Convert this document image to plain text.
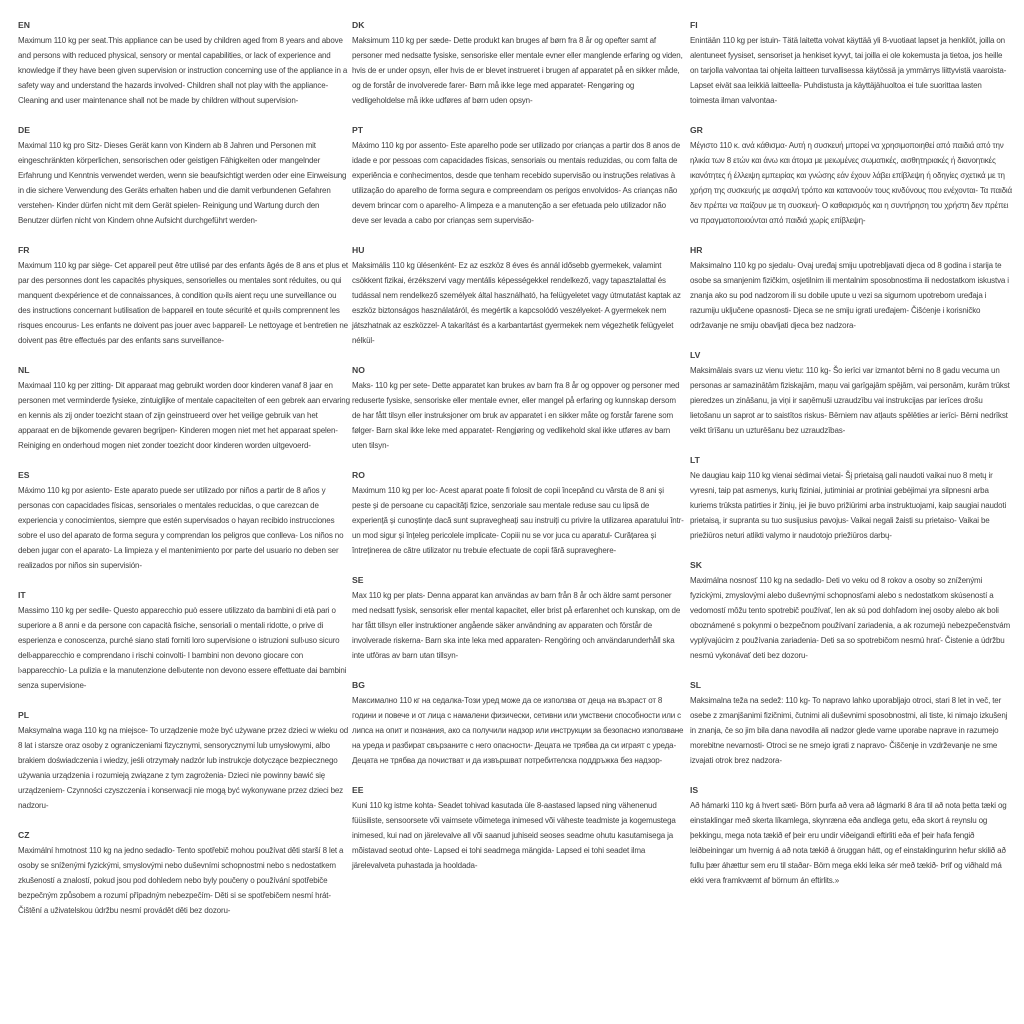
EN

Maximum 110 kg per seat.This appliance can be used by children aged from 8 years and above and persons with reduced physical, sensory or mental capabilities, or lack of experience and knowledge if they have been given supervision or instruction concerning use of the appliance in a safety way and understand the hazards involved- Children shall not play with the appliance- Cleaning and user maintenance shall not be made by children without supervision-

DE

Maximal 110 kg pro Sitz- Dieses Gerät kann von Kindern ab 8 Jahren und Personen mit eingeschränkten körperlichen, sensorischen oder geistigen Fähigkeiten oder mangelnder Erfahrung und Kenntnis verwendet werden, wenn sie beaufsichtigt werden oder eine Einweisung in die sichere Verwendung des Geräts erhalten haben und die damit verbundenen Gefahren verstehen- Kinder dürfen nicht mit dem Gerät spielen- Reinigung und Wartung durch den Benutzer dürfen nicht von Kindern ohne Aufsicht durchgeführt werden-

FR

Maximum 110 kg par siège- Cet appareil peut être utilisé par des enfants âgés de 8 ans et plus et par des personnes dont les capacités physiques, sensorielles ou mentales sont réduites, ou qui manquent d›expérience et de connaissances, à condition qu›ils aient reçu une surveillance ou des instructions concernant l›utilisation de l›appareil en toute sécurité et qu›ils comprennent les risques encourus- Les enfants ne doivent pas jouer avec l›appareil- Le nettoyage et l›entretien ne doivent pas être effectués par des enfants sans surveillance-

NL

Maximaal 110 kg per zitting- Dit apparaat mag gebruikt worden door kinderen vanaf 8 jaar en personen met verminderde fysieke, zintuiglijke of mentale capaciteiten of een gebrek aan ervaring en kennis als zij onder toezicht staan of zijn geinstrueerd over het veilige gebruik van het apparaat en de bijkomende gevaren begrijpen- Kinderen mogen niet met het apparaat spelen- Reiniging en onderhoud mogen niet zonder toezicht door kinderen worden uitgevoerd-

ES

Máximo 110 kg por asiento- Este aparato puede ser utilizado por niños a partir de 8 años y personas con capacidades físicas, sensoriales o mentales reducidas, o que carezcan de experiencia y conocimientos, siempre que estén supervisados o hayan recibido instrucciones sobre el uso del aparato de forma segura y comprendan los peligros que conlleva- Los niños no deben jugar con el aparato- La limpieza y el mantenimiento por parte del usuario no deben ser realizados por niños sin supervisión-

IT

Massimo 110 kg per sedile- Questo apparecchio può essere utilizzato da bambini di età pari o superiore a 8 anni e da persone con capacità fisiche, sensoriali o mentali ridotte, o prive di esperienza e conoscenza, purché siano stati forniti loro supervisione o istruzioni sull›uso sicuro dell›apparecchio e comprendano i rischi coinvolti- I bambini non devono giocare con l›apparecchio- La pulizia e la manutenzione dell›utente non devono essere effettuate dai bambini senza supervisione-

PL

Maksymalna waga 110 kg na miejsce- To urządzenie może być używane przez dzieci w wieku od 8 lat i starsze oraz osoby z ograniczeniami fizycznymi, sensorycznymi lub umysłowymi, albo brakiem doświadczenia i wiedzy, jeśli otrzymały nadzór lub instrukcje dotyczące bezpiecznego używania urządzenia i rozumieją związane z tym zagrożenia- Dzieci nie powinny bawić się urządzeniem- Czynności czyszczenia i konserwacji nie mogą być wykonywane przez dzieci bez nadzoru-

CZ

Maximální hmotnost 110 kg na jedno sedadlo- Tento spotřebič mohou používat děti starší 8 let a osoby se sníženými fyzickými, smyslovými nebo duševními schopnostmi nebo s nedostatkem zkušeností a znalostí, pokud jsou pod dohledem nebo byly poučeny o používání spotřebiče bezpečným způsobem a rozumí případným nebezpečím- Děti si se spotřebičem nesmí hrát- Čištění a uživatelskou údržbu nesmí provádět děti bez dozoru-

DK

Maksimum 110 kg per sæde- Dette produkt kan bruges af børn fra 8 år og opefter samt af personer med nedsatte fysiske, sensoriske eller mentale evner eller manglende erfaring og viden, hvis de er under opsyn, eller hvis de er blevet instrueret i brugen af apparatet på en sikker måde, og de forstår de involverede farer- Børn må ikke lege med apparatet- Rengøring og vedligeholdelse må ikke udføres af børn uden opsyn-

PT

Máximo 110 kg por assento- Este aparelho pode ser utilizado por crianças a partir dos 8 anos de idade e por pessoas com capacidades físicas, sensoriais ou mentais reduzidas, ou com falta de experiência e conhecimentos, desde que tenham recebido supervisão ou instruções relativas à utilização do aparelho de forma segura e compreendam os perigos envolvidos- As crianças não devem brincar com o aparelho- A limpeza e a manutenção a ser efetuada pelo utilizador não deve ser levada a cabo por crianças sem supervisão-

HU

Maksimális 110 kg ülésenként- Ez az eszköz 8 éves és annál idősebb gyermekek, valamint csökkent fizikai, érzékszervi vagy mentális képességekkel rendelkező, vagy tapasztalattal és tudással nem rendelkező személyek által használható, ha felügyeletet vagy útmutatást kaptak az eszköz biztonságos használatáról, és megértik a kapcsolódó veszélyeket- A gyermekek nem játszhatnak az eszközzel- A takarítást és a karbantartást gyermekek nem végezhetik felügyelet nélkül-

NO

Maks- 110 kg per sete- Dette apparatet kan brukes av barn fra 8 år og oppover og personer med reduserte fysiske, sensoriske eller mentale evner, eller mangel på erfaring og kunnskap dersom de har fått tilsyn eller instruksjoner om bruk av apparatet i en sikker måte og forstår farene som følger- Barn skal ikke leke med apparatet- Rengjøring og vedlikehold skal ikke utføres av barn uten tilsyn-

RO

Maximum 110 kg per loc- Acest aparat poate fi folosit de copii începând cu vârsta de 8 ani și peste și de persoane cu capacități fizice, senzoriale sau mentale reduse sau cu lipsă de experiență și cunoștințe dacă sunt supravegheați sau instruiți cu privire la utilizarea aparatului într-un mod sigur și înțeleg pericolele implicate- Copiii nu se vor juca cu aparatul- Curățarea și întreținerea de către utilizator nu trebuie efectuate de copii fără supraveghere-

SE

Max 110 kg per plats- Denna apparat kan användas av barn från 8 år och äldre samt personer med nedsatt fysisk, sensorisk eller mental kapacitet, eller brist på erfarenhet och kunskap, om de har fått tillsyn eller instruktioner angående säker användning av apparaten och förstår de involverade riskerna- Barn ska inte leka med apparaten- Rengöring och användarunderhåll ska inte utföras av barn utan tillsyn-

BG

Максимално 110 кг на седалка-Този уред може да се използва от деца на възраст от 8 години и повече и от лица с намалени физически, сетивни или умствени способности или с липса на опит и познания, ако са получили надзор или инструкции за безопасно използване на уреда и разбират свързаните с него опасности- Децата не трябва да си играят с уреда- Децата не трябва да почистват и да извършват потребителска поддръжка без надзор-

EE

Kuni 110 kg istme kohta- Seadet tohivad kasutada üle 8-aastased lapsed ning vähenenud füüsiliste, sensoorsete või vaimsete võimetega inimesed või väheste teadmiste ja kogemustega inimesed, kui nad on järelevalve all või saanud juhiseid seoses seadme ohutu kasutamisega ja mõistavad seotud ohte- Lapsed ei tohi seadmega mängida- Lapsed ei tohi seadet ilma järelevalveta puhastada ja hooldada-

FI

Enintään 110 kg per istuin- Tätä laitetta voivat käyttää yli 8-vuotiaat lapset ja henkilöt, joilla on alentuneet fyysiset, sensoriset ja henkiset kyvyt, tai joilla ei ole kokemusta ja tietoa, jos heille on tarjolla valvontaa tai ohjeita laitteen turvallisessa käytössä ja ymmärrys liittyvistä vaaroista- Lapset eivät saa leikkiä laitteella- Puhdistusta ja käyttäjähuoltoa ei tule suorittaa lasten toimesta ilman valvontaa-

GR

Μέγιστο 110 κ. ανά κάθισμα- Αυτή η συσκευή μπορεί να χρησιμοποιηθεί από παιδιά από την ηλικία των 8 ετών και άνω και άτομα με μειωμένες σωματικές, αισθητηριακές ή διανοητικές ικανότητες ή έλλειψη εμπειρίας και γνώσης εάν έχουν λάβει επίβλεψη ή οδηγίες σχετικά με τη χρήση της συσκευής με ασφαλή τρόπο και κατανοούν τους κινδύνους που ενέχονται- Τα παιδιά δεν πρέπει να παίζουν με τη συσκευή- Ο καθαρισμός και η συντήρηση του χρήστη δεν πρέπει να πραγματοποιούνται από παιδιά χωρίς επίβλεψη-

HR

Maksimalno 110 kg po sjedalu- Ovaj uređaj smiju upotrebljavati djeca od 8 godina i starija te osobe sa smanjenim fizičkim, osjetilnim ili mentalnim sposobnostima ili nedostatkom iskustva i znanja ako su pod nadzorom ili su dobile upute u vezi sa sigurnom upotrebom uređaja i razumiju uključene opasnosti- Djeca se ne smiju igrati uređajem- Čišćenje i korisničko održavanje ne smiju obavljati djeca bez nadzora-

LV

Maksimālais svars uz vienu vietu: 110 kg- Šo ierīci var izmantot bērni no 8 gadu vecuma un personas ar samazinātām fiziskajām, maņu vai garīgajām spējām, vai personām, kurām trūkst pieredzes un zināšanu, ja viņi ir saņēmuši uzraudzību vai instrukcijas par ierīces drošu lietošanu un saprot ar to saistītos riskus- Bērniem nav atļauts spēlēties ar ierīci- Bērni nedrīkst veikt tīrīšanu un uzturēšanu bez uzraudzības-

LT

Ne daugiau kaip 110 kg vienai sėdimai vietai- Šį prietaisą gali naudoti vaikai nuo 8 metų ir vyresni, taip pat asmenys, kurių fiziniai, jutiminiai ar protiniai gebėjimai yra silpnesni arba kuriems trūksta patirties ir žinių, jei jie buvo prižiūrimi arba instruktuojami, kaip saugiai naudoti prietaisą, ir supranta su tuo susijusius pavojus- Vaikai negali žaisti su prietaiso- Vaikai be priežiūros neturi atlikti valymo ir naudotojo priežiūros darbų-

SK

Maximálna nosnosť 110 kg na sedadlo- Deti vo veku od 8 rokov a osoby so zníženými fyzickými, zmyslovými alebo duševnými schopnosťami alebo s nedostatkom skúseností a vedomostí môžu tento spotrebič používať, len ak sú pod dohľadom inej osoby alebo ak boli oboznámené s pokynmi o bezpečnom používaní zariadenia, a ak rozumejú nebezpečenstvám vyplývajúcim z používania zariadenia- Deti sa so spotrebičom nesmú hrať- Čistenie a údržbu nesmú vykonávať deti bez dozoru-

SL

Maksimalna teža na sedež: 110 kg- To napravo lahko uporabljajo otroci, stari 8 let in več, ter osebe z zmanjšanimi fizičnimi, čutnimi ali duševnimi sposobnostmi, ali tiste, ki nimajo izkušenj in znanja, če so jim bila dana navodila ali nadzor glede varne uporabe naprave in razumejo morebitne nevarnosti- Otroci se ne smejo igrati z napravo- Čiščenje in vzdrževanje ne sme izvajati otrok brez nadzora-

IS

Að hámarki 110 kg á hvert sæti- Börn þurfa að vera að lágmarki 8 ára til að nota þetta tæki og einstaklingar með skerta líkamlega, skynræna eða andlega getu, eða skort á reynslu og þekkingu, mega nota tækið ef þeir eru undir viðeigandi eftirliti eða ef þeir hafa fengið leiðbeiningar um hvernig á að nota tækið á öruggan hátt, og ef einstaklingurinn hefur skilið að fullu þær áhættur sem eru til staðar- Börn mega ekki leika sér með tækið- Þrif og viðhald má ekki vera framkvæmt af börnum án eftirlits.»
